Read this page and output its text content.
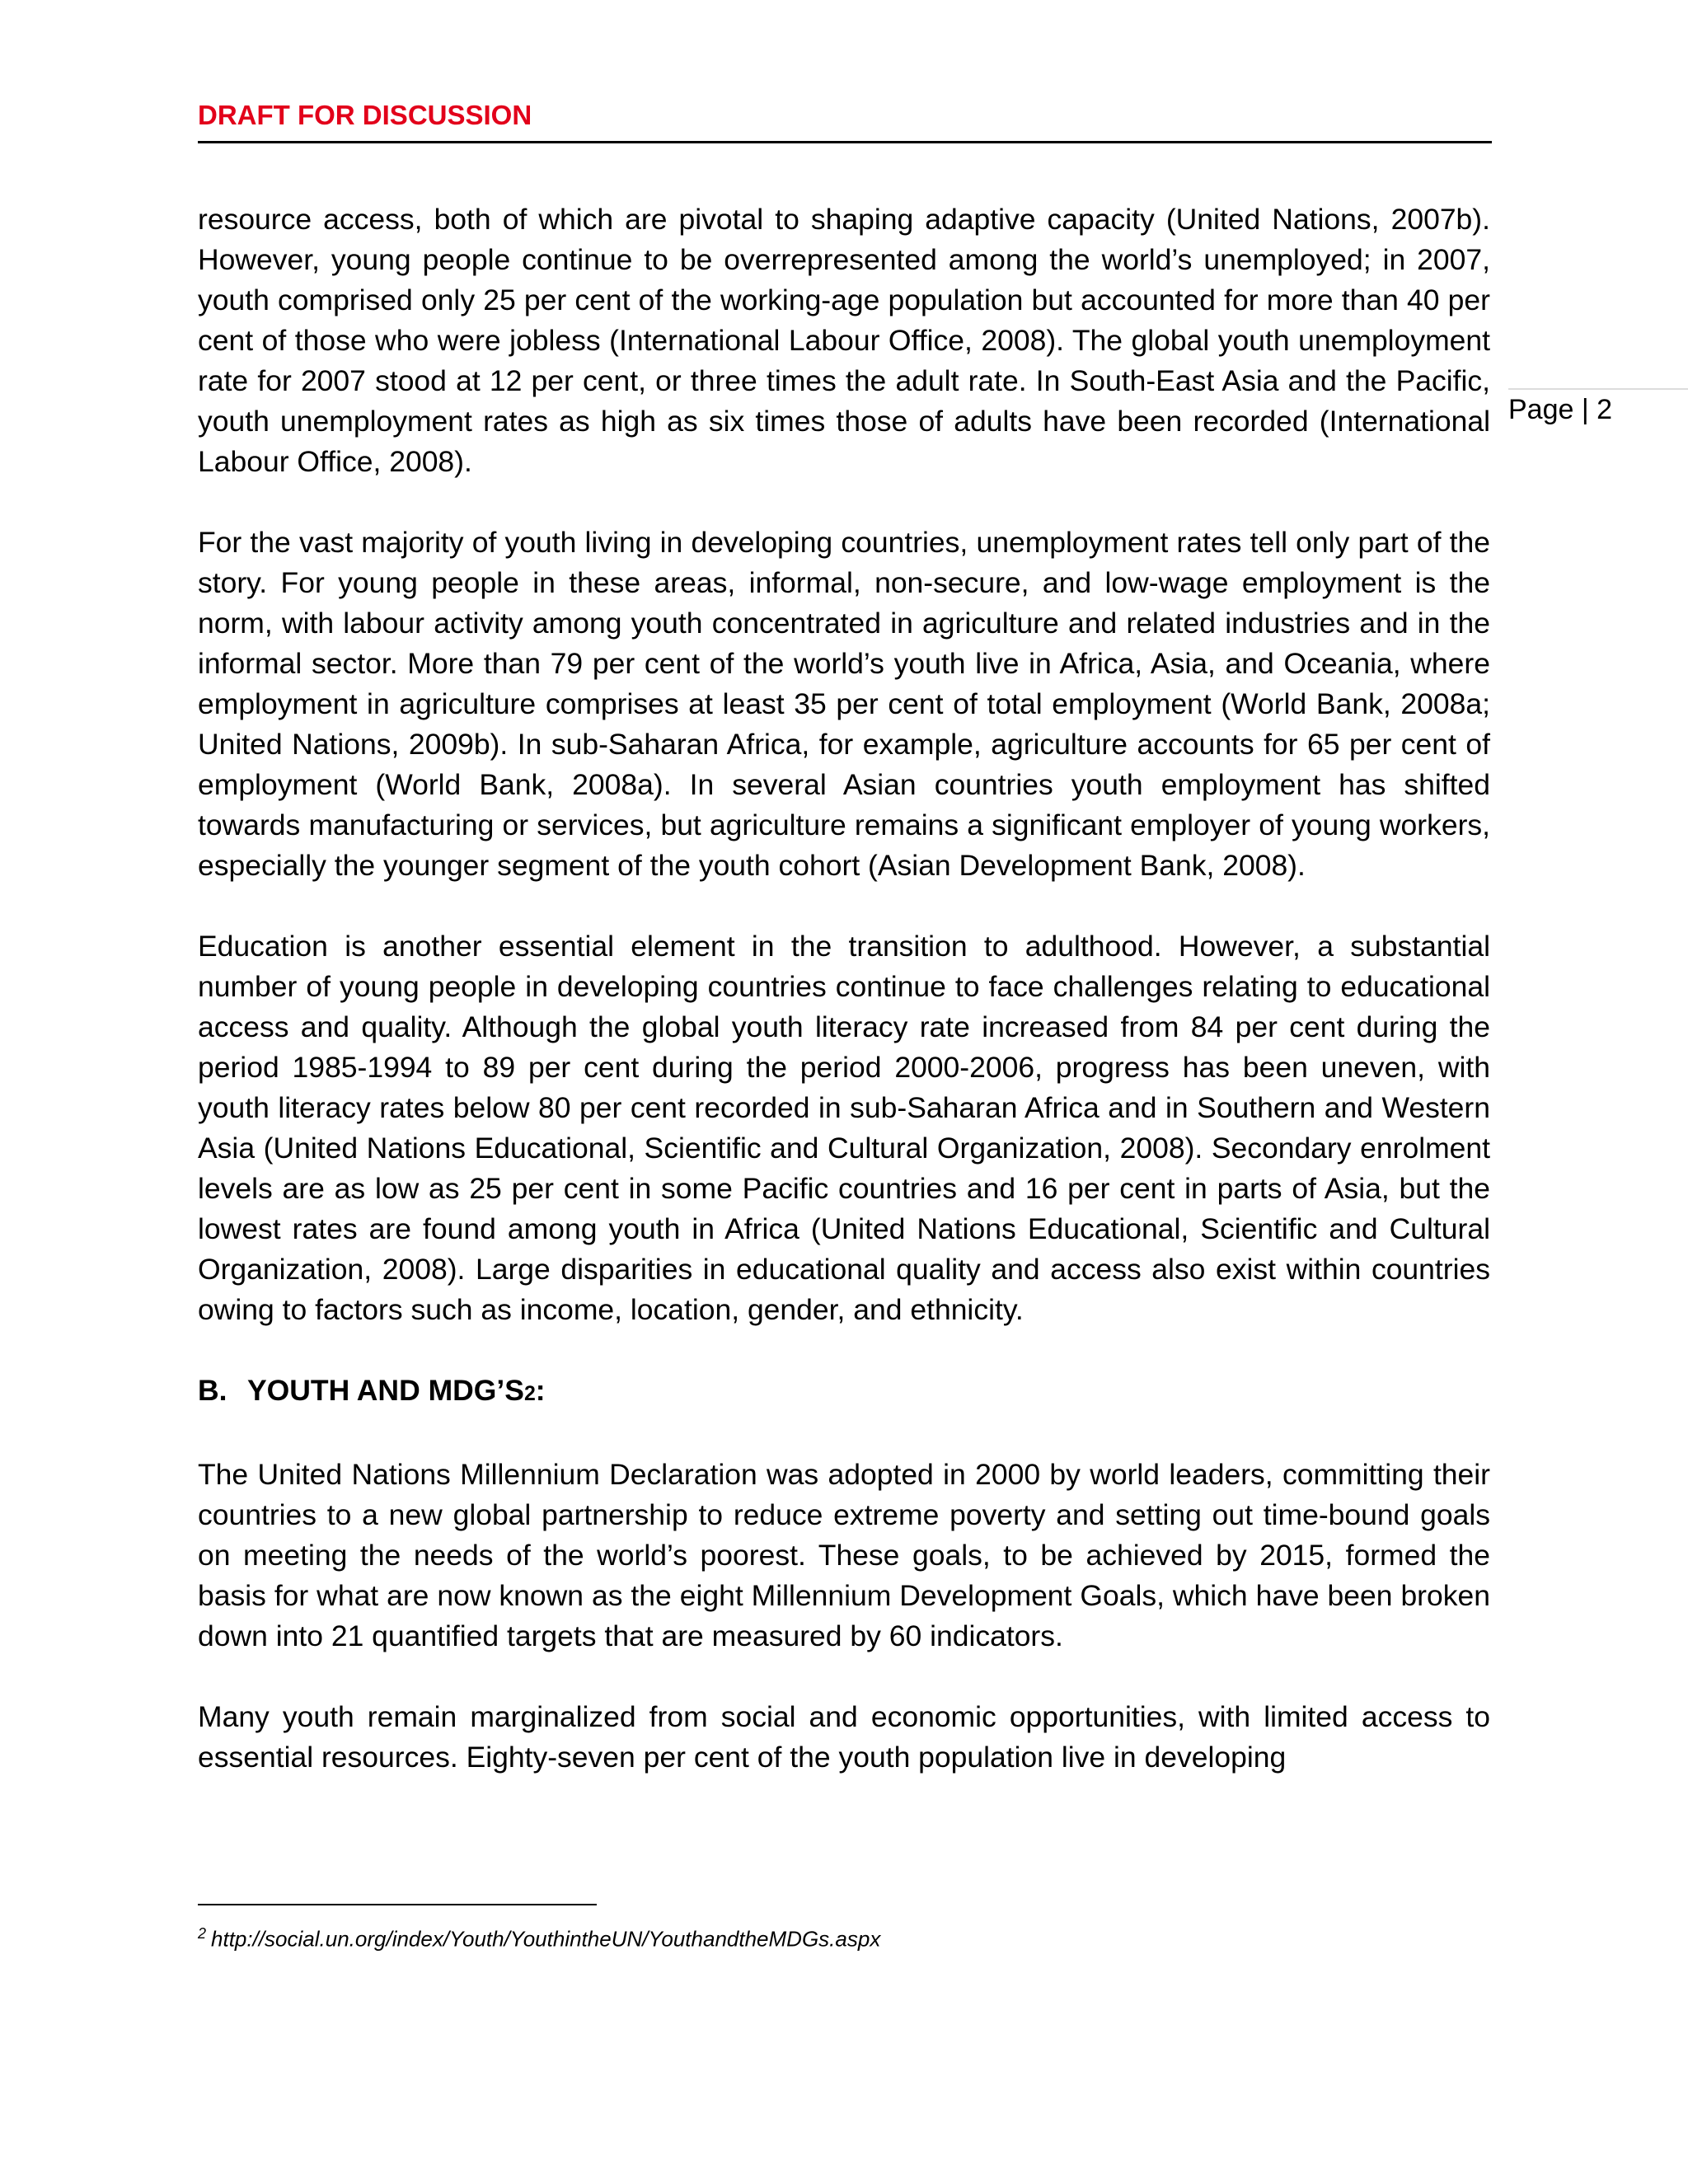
DRAFT FOR DISCUSSION
Page | 2

resource access, both of which are pivotal to shaping adaptive capacity (United Nations, 2007b). However, young people continue to be overrepresented among the world’s unemployed; in 2007, youth comprised only 25 per cent of the working-age population but accounted for more than 40 per cent of those who were jobless (International Labour Office, 2008). The global youth unemployment rate for 2007 stood at 12 per cent, or three times the adult rate. In South-East Asia and the Pacific, youth unemployment rates as high as six times those of adults have been recorded (International Labour Office, 2008).

For the vast majority of youth living in developing countries, unemployment rates tell only part of the story. For young people in these areas, informal, non-secure, and low-wage employment is the norm, with labour activity among youth concentrated in agriculture and related industries and in the informal sector. More than 79 per cent of the world’s youth live in Africa, Asia, and Oceania, where employment in agriculture comprises at least 35 per cent of total employment (World Bank, 2008a; United Nations, 2009b). In sub-Saharan Africa, for example, agriculture accounts for 65 per cent of employment (World Bank, 2008a). In several Asian countries youth employment has shifted towards manufacturing or services, but agriculture remains a significant employer of young workers, especially the younger segment of the youth cohort (Asian Development Bank, 2008).

Education is another essential element in the transition to adulthood. However, a substantial number of young people in developing countries continue to face challenges relating to educational access and quality. Although the global youth literacy rate increased from 84 per cent during the period 1985-1994 to 89 per cent during the period 2000-2006, progress has been uneven, with youth literacy rates below 80 per cent recorded in sub-Saharan Africa and in Southern and Western Asia (United Nations Educational, Scientific and Cultural Organization, 2008). Secondary enrolment levels are as low as 25 per cent in some Pacific countries and 16 per cent in parts of Asia, but the lowest rates are found among youth in Africa (United Nations Educational, Scientific and Cultural Organization, 2008). Large disparities in educational quality and access also exist within countries owing to factors such as income, location, gender, and ethnicity.

B. YOUTH AND MDG’S2:

The United Nations Millennium Declaration was adopted in 2000 by world leaders, committing their countries to a new global partnership to reduce extreme poverty and setting out time-bound goals on meeting the needs of the world’s poorest. These goals, to be achieved by 2015, formed the basis for what are now known as the eight Millennium Development Goals, which have been broken down into 21 quantified targets that are measured by 60 indicators.

Many youth remain marginalized from social and economic opportunities, with limited access to essential resources. Eighty-seven per cent of the youth population live in developing

$^2$ http://social.un.org/index/Youth/YouthintheUN/YouthandtheMDGs.aspx
